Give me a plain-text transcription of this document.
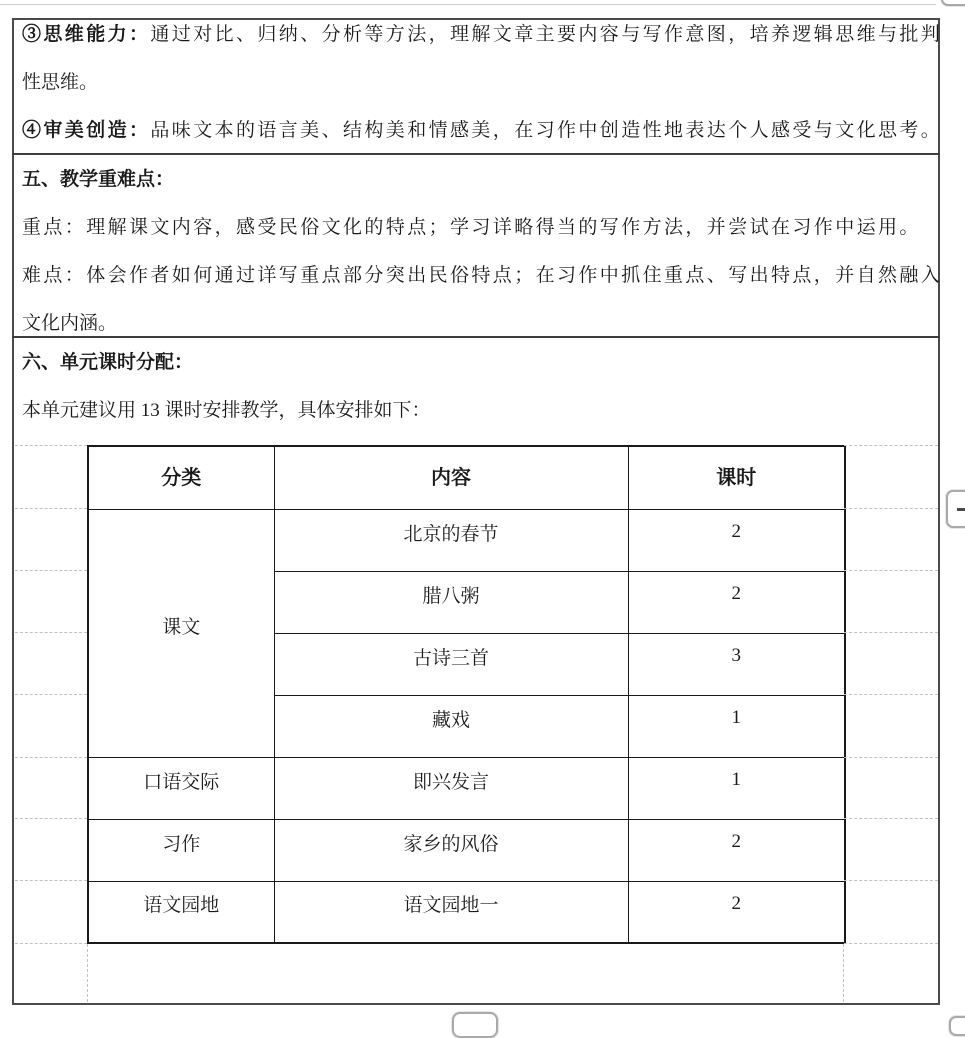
③思维能力：通过对比、归纳、分析等方法，理解文章主要内容与写作意图，培养逻辑思维与批判
性思维。
④审美创造：品味文本的语言美、结构美和情感美，在习作中创造性地表达个人感受与文化思考。
五、教学重难点：
重点：理解课文内容，感受民俗文化的特点；学习详略得当的写作方法，并尝试在习作中运用。
难点：体会作者如何通过详写重点部分突出民俗特点；在习作中抓住重点、写出特点，并自然融入
文化内涵。
六、单元课时分配：
本单元建议用 13 课时安排教学，具体安排如下：
分类	内容	课时
课文	北京的春节	2
	腊八粥	2
	古诗三首	3
	藏戏	1
口语交际	即兴发言	1
习作	家乡的风俗	2
语文园地	语文园地一	2
